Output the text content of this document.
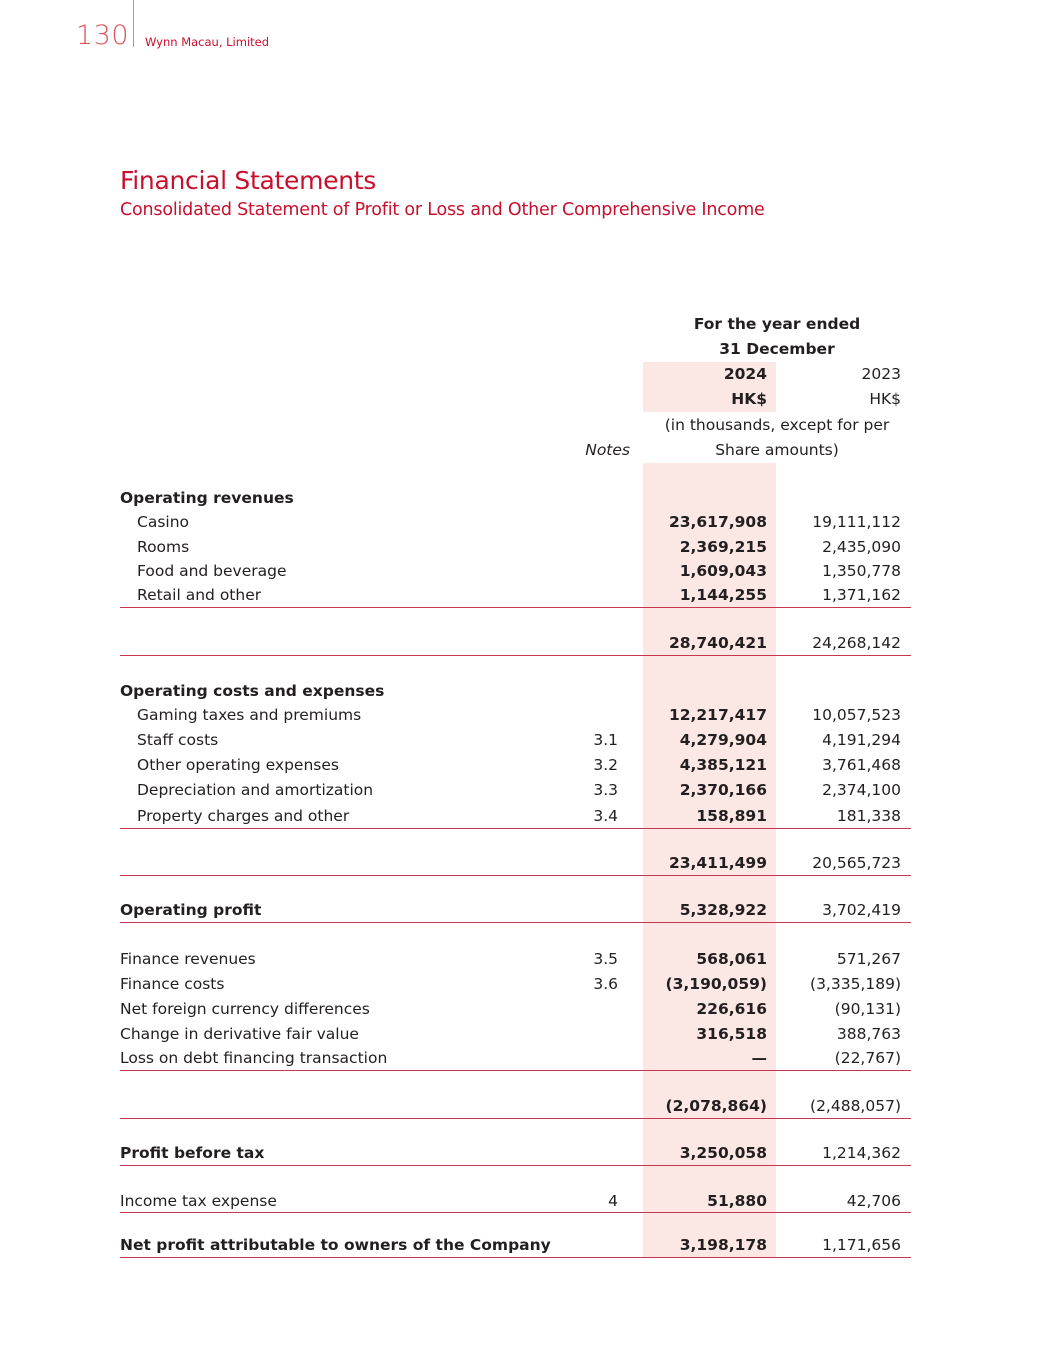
130 Wynn Macau, Limited
Financial Statements
Consolidated Statement of Profit or Loss and Other Comprehensive Income
For the year ended
31 December
2024	2023
HK$	HK$
(in thousands, except for per
Share amounts)
Notes
Operating revenues
Casino	23,617,908	19,111,112
Rooms	2,369,215	2,435,090
Food and beverage	1,609,043	1,350,778
Retail and other	1,144,255	1,371,162
28,740,421	24,268,142
Operating costs and expenses
Gaming taxes and premiums	12,217,417	10,057,523
Staff costs	3.1	4,279,904	4,191,294
Other operating expenses	3.2	4,385,121	3,761,468
Depreciation and amortization	3.3	2,370,166	2,374,100
Property charges and other	3.4	158,891	181,338
23,411,499	20,565,723
Operating profit	5,328,922	3,702,419
Finance revenues	3.5	568,061	571,267
Finance costs	3.6	(3,190,059)	(3,335,189)
Net foreign currency differences	226,616	(90,131)
Change in derivative fair value	316,518	388,763
Loss on debt financing transaction	—	(22,767)
(2,078,864)	(2,488,057)
Profit before tax	3,250,058	1,214,362
Income tax expense	4	51,880	42,706
Net profit attributable to owners of the Company	3,198,178	1,171,656
